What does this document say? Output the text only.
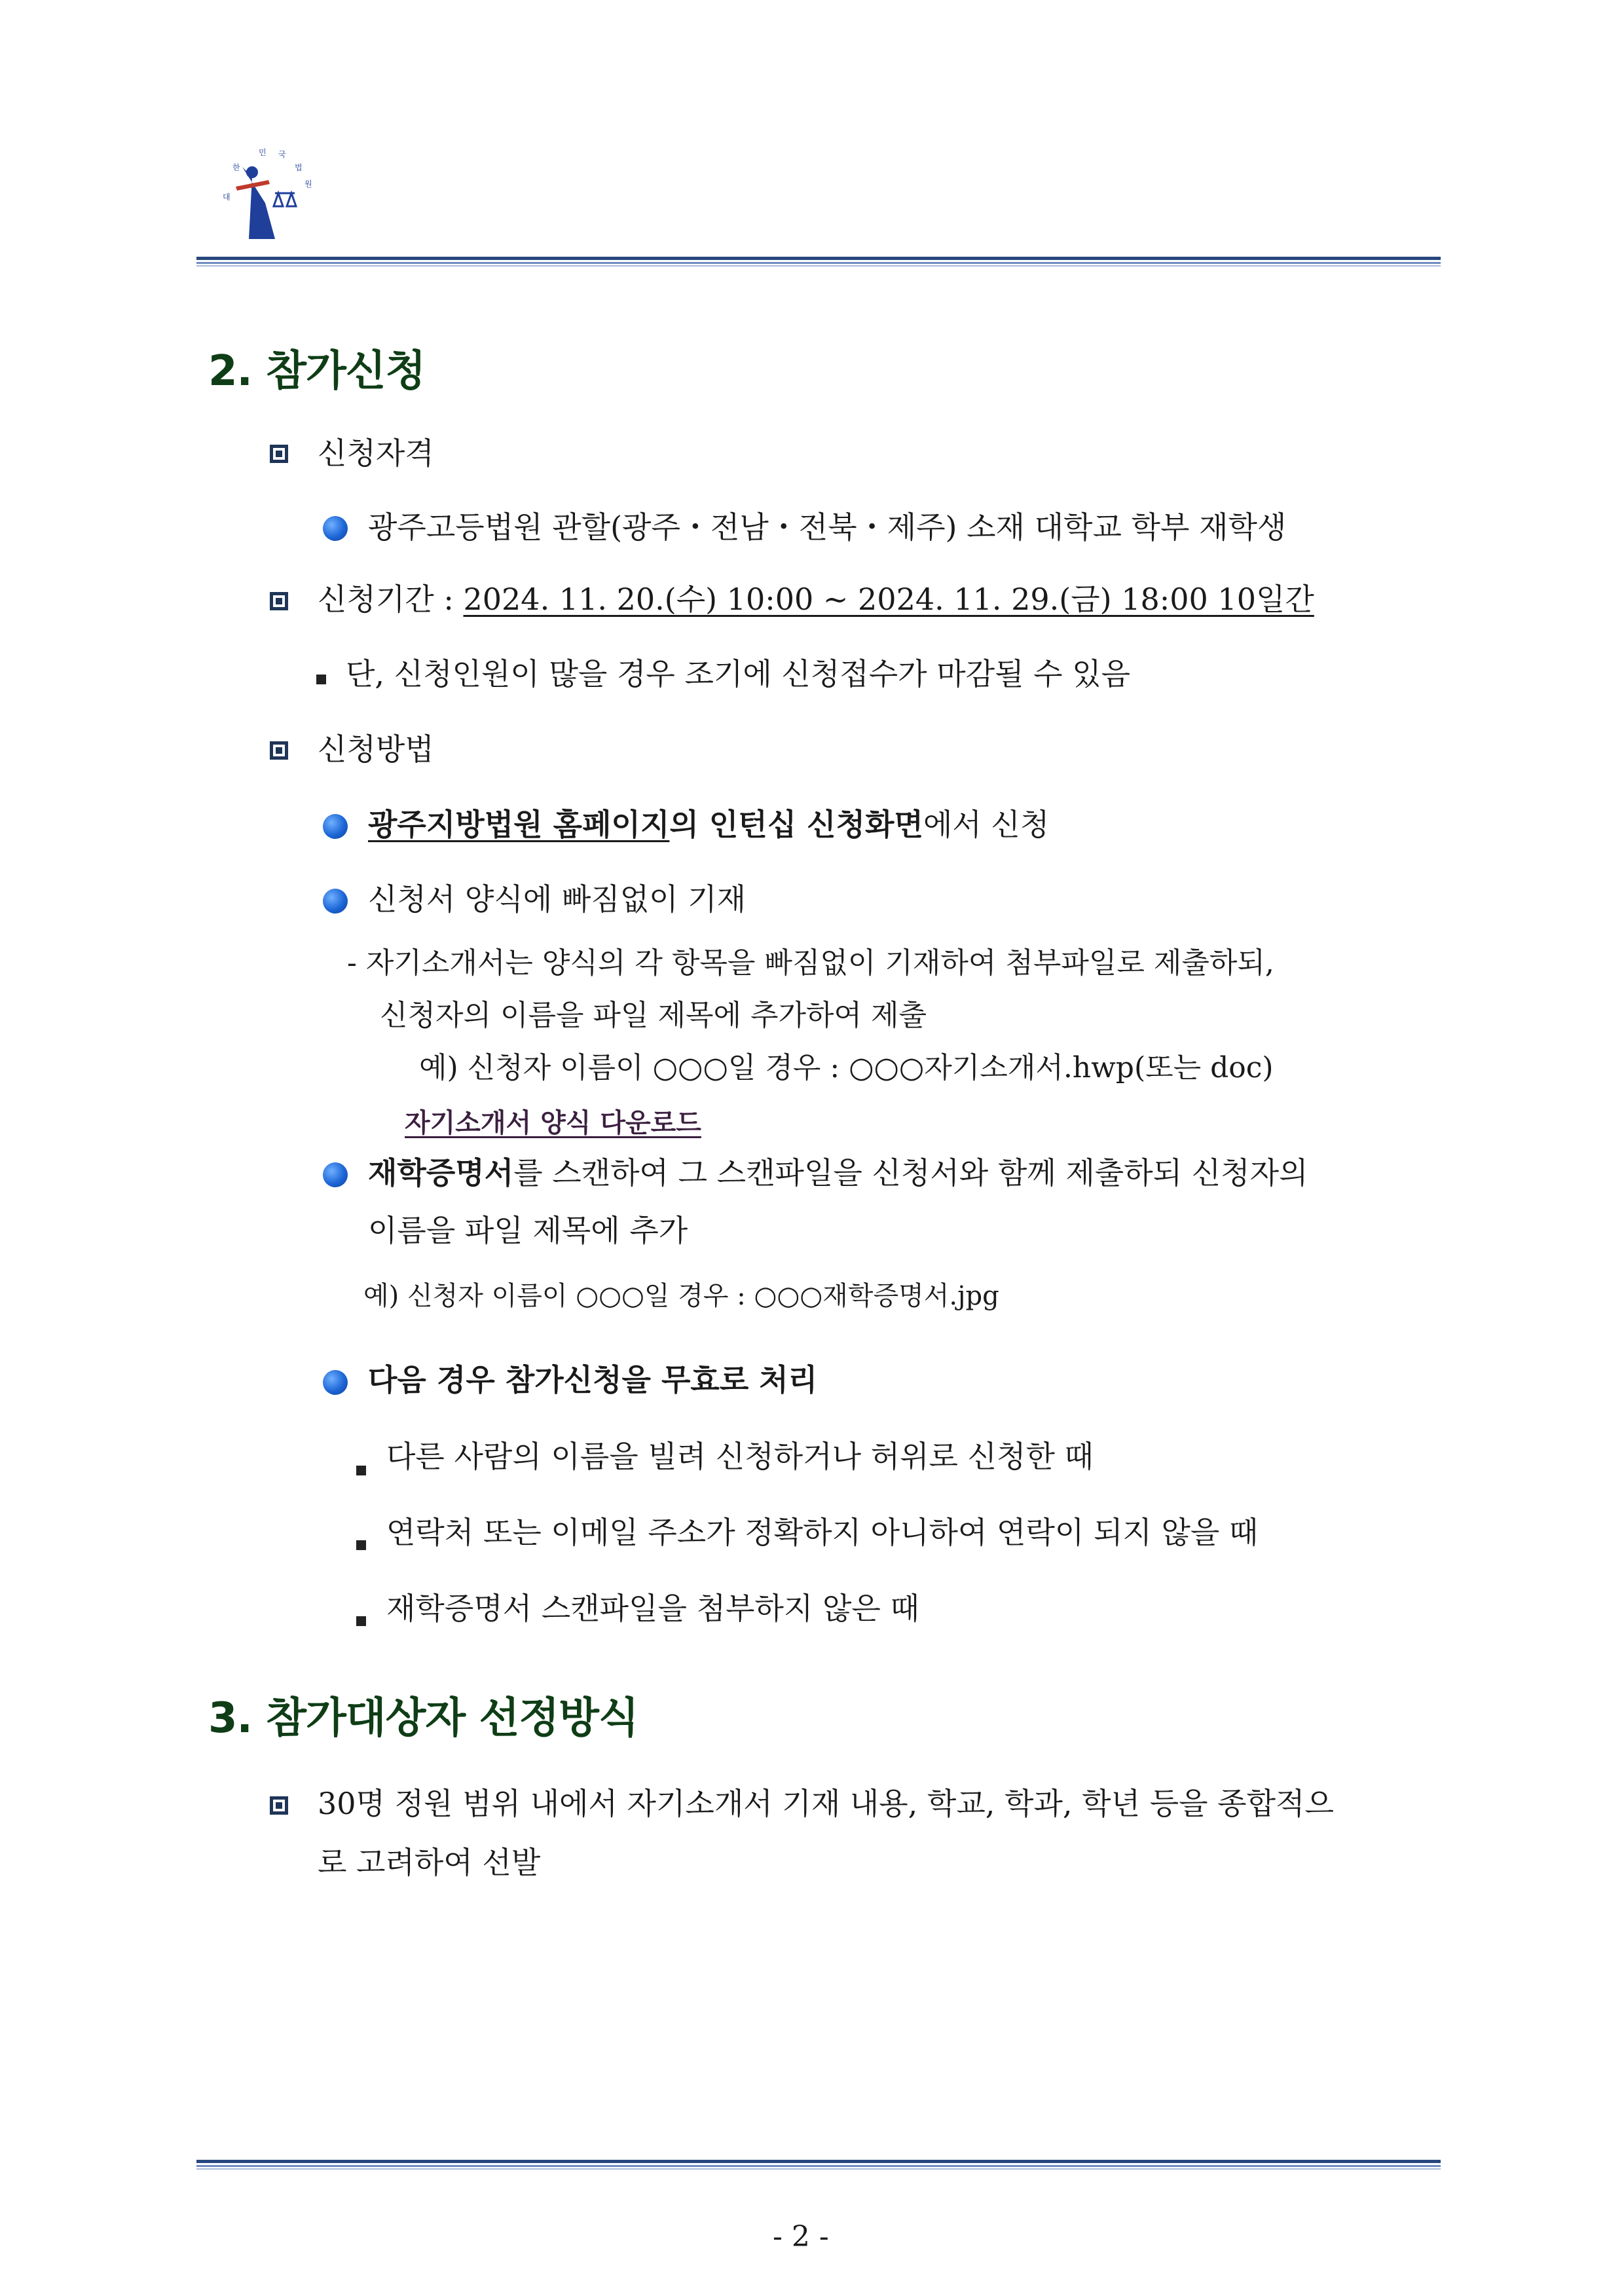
대
한
민 국
법
원
2. 참가신청
신청자격
광주고등법원 관할(광주・전남・전북・제주) 소재 대학교 학부 재학생
신청기간 : 2024. 11. 20.(수) 10:00 ~ 2024. 11. 29.(금) 18:00 10일간
단, 신청인원이 많을 경우 조기에 신청접수가 마감될 수 있음
신청방법
광주지방법원 홈페이지의 인턴십 신청화면에서 신청
신청서 양식에 빠짐없이 기재
- 자기소개서는 양식의 각 항목을 빠짐없이 기재하여 첨부파일로 제출하되,
신청자의 이름을 파일 제목에 추가하여 제출
예) 신청자 이름이 ○○○일 경우 : ○○○자기소개서.hwp(또는 doc)
자기소개서 양식 다운로드
재학증명서를 스캔하여 그 스캔파일을 신청서와 함께 제출하되 신청자의
이름을 파일 제목에 추가
예) 신청자 이름이 ○○○일 경우 : ○○○재학증명서.jpg
다음 경우 참가신청을 무효로 처리
다른 사람의 이름을 빌려 신청하거나 허위로 신청한 때
연락처 또는 이메일 주소가 정확하지 아니하여 연락이 되지 않을 때
재학증명서 스캔파일을 첨부하지 않은 때
3. 참가대상자 선정방식
30명 정원 범위 내에서 자기소개서 기재 내용, 학교, 학과, 학년 등을 종합적으
로 고려하여 선발
- 2 -
